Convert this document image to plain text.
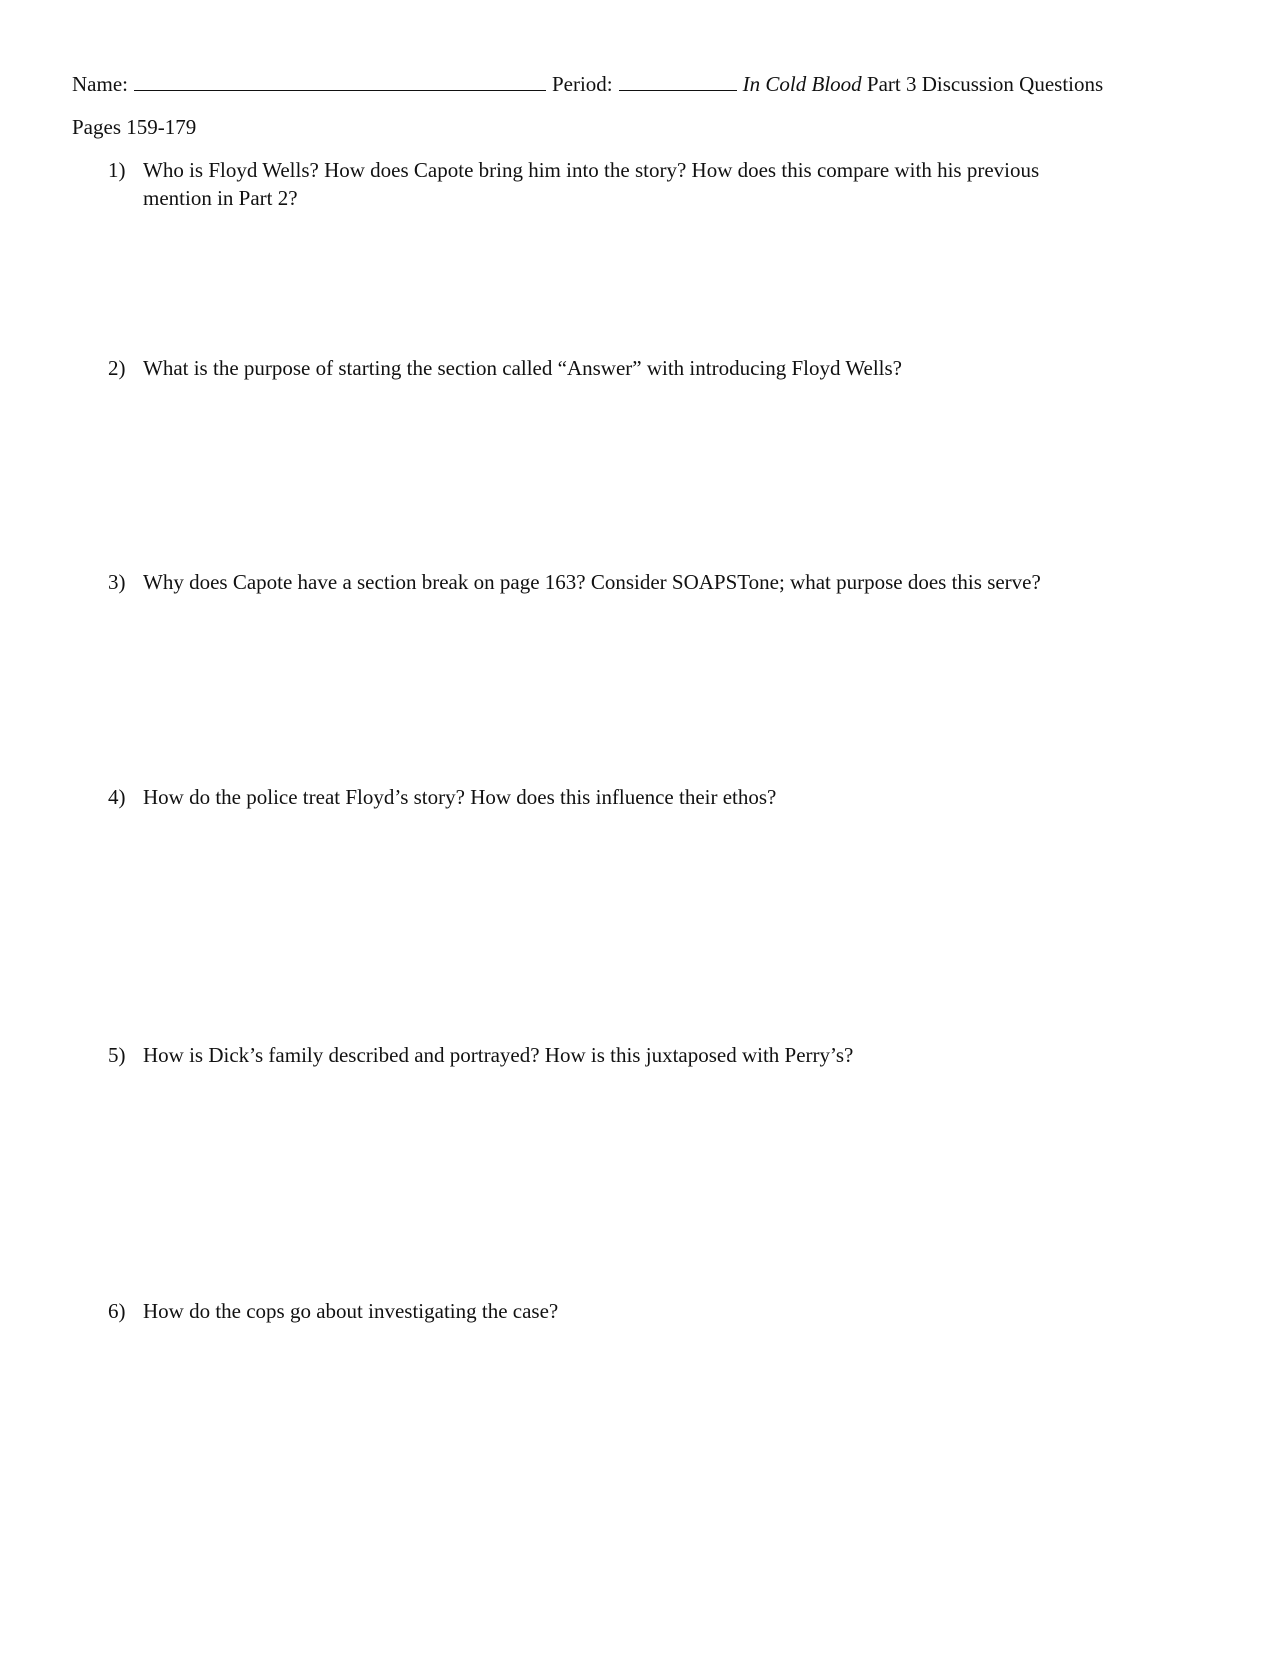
Name:	Period:	In Cold Blood
Part 3 Discussion Questions
Pages 159-179
1) Who is Floyd Wells? How does Capote bring him into the story? How does this compare with his previous mention in Part 2?
2) What is the purpose of starting the section called “Answer” with introducing Floyd Wells?
3) Why does Capote have a section break on page 163? Consider SOAPSTone; what purpose does this serve?
4) How do the police treat Floyd’s story? How does this influence their ethos?
5) How is Dick’s family described and portrayed? How is this juxtaposed with Perry’s?
6) How do the cops go about investigating the case?
